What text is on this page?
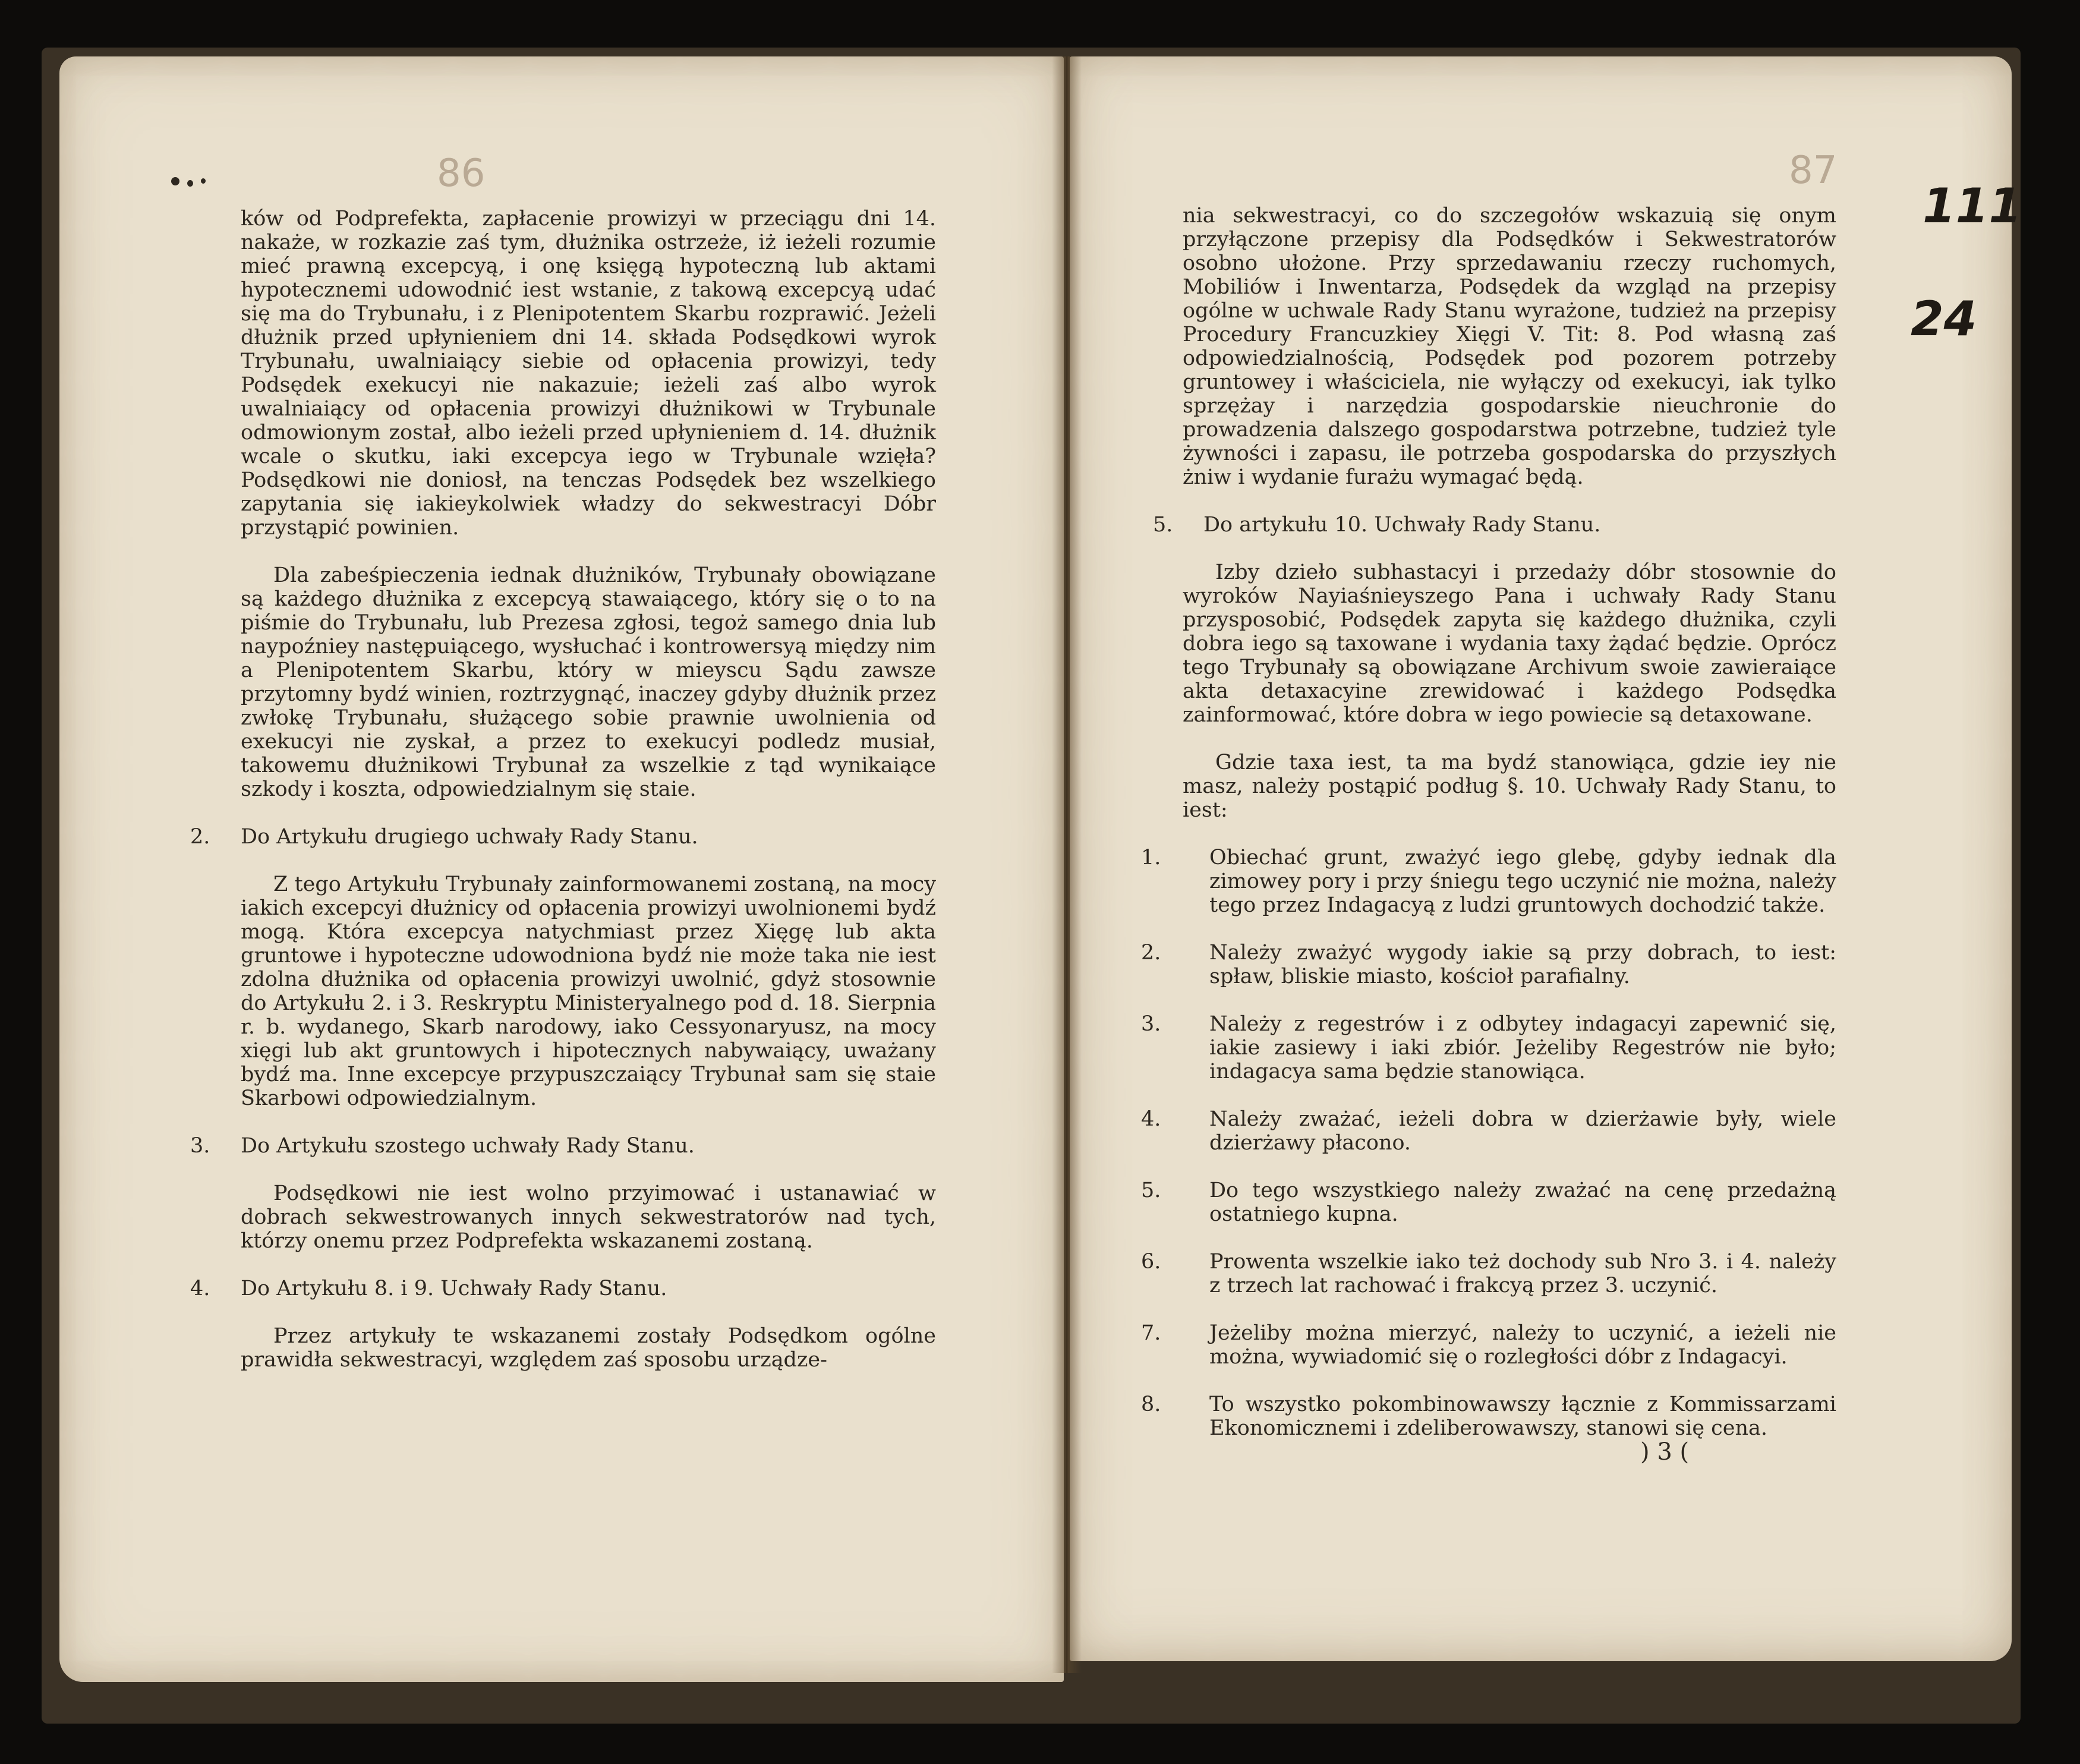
86	87
111
24

ków od Podprefekta, zapłacenie prowizyi w przeciągu dni 14. nakaże, w rozkazie zaś tym, dłużnika ostrzeże, iż ieżeli rozumie mieć prawną excepcyą, i onę księgą hypoteczną lub aktami hypotecznemi udowodnić iest wstanie, z takową excepcyą udać się ma do Trybunału, i z Plenipotentem Skarbu rozprawić. Jeżeli dłużnik przed upłynieniem dni 14. składa Podsędkowi wyrok Trybunału, uwalniaiący siebie od opłacenia prowizyi, tedy Podsędek exekucyi nie nakazuie; ieżeli zaś albo wyrok uwalniaiący od opłacenia prowizyi dłużnikowi w Trybunale odmowionym został, albo ieżeli przed upłynieniem d. 14. dłużnik wcale o skutku, iaki excepcya iego w Trybunale wzięła? Podsędkowi nie doniosł, na tenczas Podsędek bez wszelkiego zapytania się iakieykolwiek władzy do sekwestracyi Dóbr przystąpić powinien.

Dla zabeśpieczenia iednak dłużników, Trybunały obowiązane są każdego dłużnika z excepcyą stawaiącego, który się o to na piśmie do Trybunału, lub Prezesa zgłosi, tegoż samego dnia lub naypoźniey następuiącego, wysłuchać i kontrowersyą między nim a Plenipotentem Skarbu, który w mieyscu Sądu zawsze przytomny bydź winien, roztrzygnąć, inaczey gdyby dłużnik przez zwłokę Trybunału, służącego sobie prawnie uwolnienia od exekucyi nie zyskał, a przez to exekucyi podledz musiał, takowemu dłużnikowi Trybunał za wszelkie z tąd wynikaiące szkody i koszta, odpowiedzialnym się staie.

2. Do Artykułu drugiego uchwały Rady Stanu.

Z tego Artykułu Trybunały zainformowanemi zostaną, na mocy iakich excepcyi dłużnicy od opłacenia prowizyi uwolnionemi bydź mogą. Która excepcya natychmiast przez Xięgę lub akta gruntowe i hypoteczne udowodniona bydź nie może taka nie iest zdolna dłużnika od opłacenia prowizyi uwolnić, gdyż stosownie do Artykułu 2. i 3. Reskryptu Ministeryalnego pod d. 18. Sierpnia r. b. wydanego, Skarb narodowy, iako Cessyonaryusz, na mocy xięgi lub akt gruntowych i hipotecznych nabywaiący, uważany bydź ma. Inne excepcye przypuszczaiący Trybunał sam się staie Skarbowi odpowiedzialnym.

3. Do Artykułu szostego uchwały Rady Stanu.

Podsędkowi nie iest wolno przyimować i ustanawiać w dobrach sekwestrowanych innych sekwestratorów nad tych, którzy onemu przez Podprefekta wskazanemi zostaną.

4. Do Artykułu 8. i 9. Uchwały Rady Stanu.

Przez artykuły te wskazanemi zostały Podsędkom ogólne prawidła sekwestracyi, względem zaś sposobu urządze-

nia sekwestracyi, co do szczegołów wskazuią się onym przyłączone przepisy dla Podsędków i Sekwestratorów osobno ułożone. Przy sprzedawaniu rzeczy ruchomych, Mobiliów i Inwentarza, Podsędek da wzgląd na przepisy ogólne w uchwale Rady Stanu wyrażone, tudzież na przepisy Procedury Francuzkiey Xięgi V. Tit: 8. Pod własną zaś odpowiedzialnością, Podsędek pod pozorem potrzeby gruntowey i właściciela, nie wyłączy od exekucyi, iak tylko sprzężay i narzędzia gospodarskie nieuchronie do prowadzenia dalszego gospodarstwa potrzebne, tudzież tyle żywności i zapasu, ile potrzeba gospodarska do przyszłych żniw i wydanie furażu wymagać będą.

5. Do artykułu 10. Uchwały Rady Stanu.

Izby dzieło subhastacyi i przedaży dóbr stosownie do wyroków Nayiaśnieyszego Pana i uchwały Rady Stanu przysposobić, Podsędek zapyta się każdego dłużnika, czyli dobra iego są taxowane i wydania taxy żądać będzie. Oprócz tego Trybunały są obowiązane Archivum swoie zawieraiące akta detaxacyine zrewidować i każdego Podsędka zainformować, które dobra w iego powiecie są detaxowane.

Gdzie taxa iest, ta ma bydź stanowiąca, gdzie iey nie masz, należy postąpić podług §. 10. Uchwały Rady Stanu, to iest:

1. Obiechać grunt, zważyć iego glebę, gdyby iednak dla zimowey pory i przy śniegu tego uczynić nie można, należy tego przez Indagacyą z ludzi gruntowych dochodzić także.

2. Należy zważyć wygody iakie są przy dobrach, to iest: spław, bliskie miasto, kościoł parafialny.

3. Należy z regestrów i z odbytey indagacyi zapewnić się, iakie zasiewy i iaki zbiór. Jeżeliby Regestrów nie było; indagacya sama będzie stanowiąca.

4. Należy zważać, ieżeli dobra w dzierżawie były, wiele dzierżawy płacono.

5. Do tego wszystkiego należy zważać na cenę przedażną ostatniego kupna.

6. Prowenta wszelkie iako też dochody sub Nro 3. i 4. należy z trzech lat rachować i frakcyą przez 3. uczynić.

7. Jeżeliby można mierzyć, należy to uczynić, a ieżeli nie można, wywiadomić się o rozległości dóbr z Indagacyi.

8. To wszystko pokombinowawszy łącznie z Kommissarzami Ekonomicznemi i zdeliberowawszy, stanowi się cena.

) 3 (
